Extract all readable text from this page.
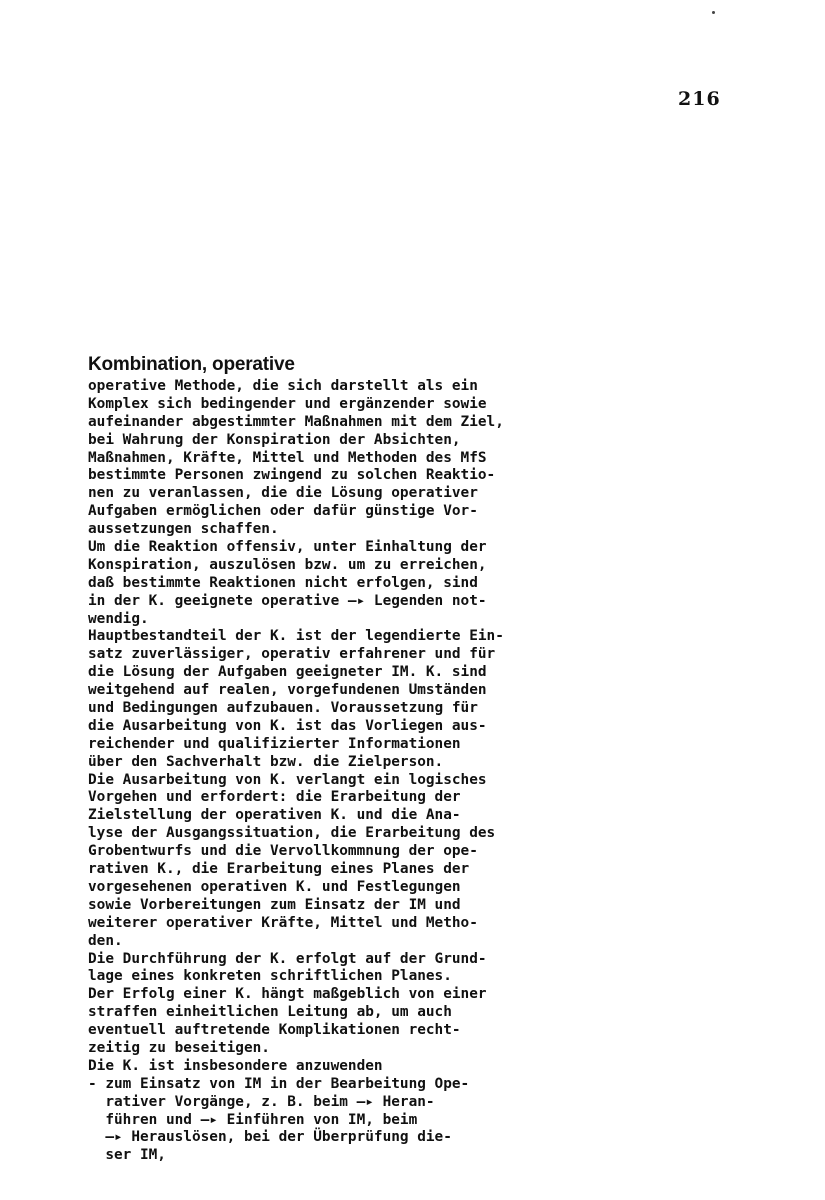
216
Kombination, operative
operative Methode, die sich darstellt als ein
Komplex sich bedingender und ergänzender sowie
aufeinander abgestimmter Maßnahmen mit dem Ziel,
bei Wahrung der Konspiration der Absichten,
Maßnahmen, Kräfte, Mittel und Methoden des MfS
bestimmte Personen zwingend zu solchen Reaktio-
nen zu veranlassen, die die Lösung operativer
Aufgaben ermöglichen oder dafür günstige Vor-
aussetzungen schaffen.
Um die Reaktion offensiv, unter Einhaltung der
Konspiration, auszulösen bzw. um zu erreichen,
daß bestimmte Reaktionen nicht erfolgen, sind
in der K. geeignete operative —▸ Legenden not-
wendig.
Hauptbestandteil der K. ist der legendierte Ein-
satz zuverlässiger, operativ erfahrener und für
die Lösung der Aufgaben geeigneter IM. K. sind
weitgehend auf realen, vorgefundenen Umständen
und Bedingungen aufzubauen. Voraussetzung für
die Ausarbeitung von K. ist das Vorliegen aus-
reichender und qualifizierter Informationen
über den Sachverhalt bzw. die Zielperson.
Die Ausarbeitung von K. verlangt ein logisches
Vorgehen und erfordert: die Erarbeitung der
Zielstellung der operativen K. und die Ana-
lyse der Ausgangssituation, die Erarbeitung des
Grobentwurfs und die Vervollkommnung der ope-
rativen K., die Erarbeitung eines Planes der
vorgesehenen operativen K. und Festlegungen
sowie Vorbereitungen zum Einsatz der IM und
weiterer operativer Kräfte, Mittel und Metho-
den.
Die Durchführung der K. erfolgt auf der Grund-
lage eines konkreten schriftlichen Planes.
Der Erfolg einer K. hängt maßgeblich von einer
straffen einheitlichen Leitung ab, um auch
eventuell auftretende Komplikationen recht-
zeitig zu beseitigen.
Die K. ist insbesondere anzuwenden
- zum Einsatz von IM in der Bearbeitung Ope-
rativer Vorgänge, z. B. beim —▸ Heran-
führen und —▸ Einführen von IM, beim
—▸ Herauslösen, bei der Überprüfung die-
ser IM,
